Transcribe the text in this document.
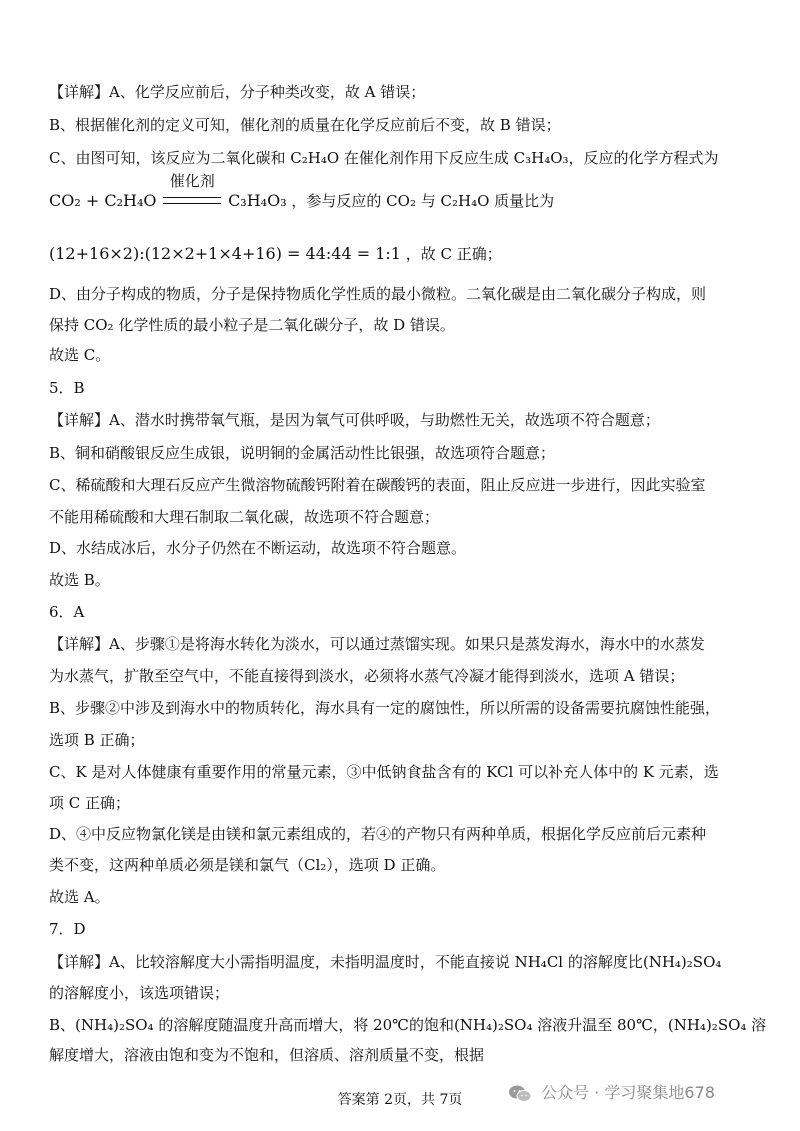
【详解】A、化学反应前后，分子种类改变，故 A 错误；
B、根据催化剂的定义可知，催化剂的质量在化学反应前后不变，故 B 错误；
C、由图可知，该反应为二氧化碳和 C₂H₄O 在催化剂作用下反应生成 C₃H₄O₃，反应的化学方程式为
CO₂ + C₂H₄O
催化剂
C₃H₄O₃ ，参与反应的 CO₂ 与 C₂H₄O 质量比为
(12+16×2):(12×2+1×4+16) = 44:44 = 1:1 ，故 C 正确；
D、由分子构成的物质，分子是保持物质化学性质的最小微粒。二氧化碳是由二氧化碳分子构成，则
保持 CO₂ 化学性质的最小粒子是二氧化碳分子，故 D 错误。
故选 C。
5．B
【详解】A、潜水时携带氧气瓶，是因为氧气可供呼吸，与助燃性无关，故选项不符合题意；
B、铜和硝酸银反应生成银，说明铜的金属活动性比银强，故选项符合题意；
C、稀硫酸和大理石反应产生微溶物硫酸钙附着在碳酸钙的表面，阻止反应进一步进行，因此实验室
不能用稀硫酸和大理石制取二氧化碳，故选项不符合题意；
D、水结成冰后，水分子仍然在不断运动，故选项不符合题意。
故选 B。
6．A
【详解】A、步骤①是将海水转化为淡水，可以通过蒸馏实现。如果只是蒸发海水，海水中的水蒸发
为水蒸气，扩散至空气中，不能直接得到淡水，必须将水蒸气冷凝才能得到淡水，选项 A 错误；
B、步骤②中涉及到海水中的物质转化，海水具有一定的腐蚀性，所以所需的设备需要抗腐蚀性能强，
选项 B 正确；
C、K 是对人体健康有重要作用的常量元素，③中低钠食盐含有的 KCl 可以补充人体中的 K 元素，选
项 C 正确；
D、④中反应物氯化镁是由镁和氯元素组成的，若④的产物只有两种单质，根据化学反应前后元素种
类不变，这两种单质必须是镁和氯气（Cl₂），选项 D 正确。
故选 A。
7．D
【详解】A、比较溶解度大小需指明温度，未指明温度时，不能直接说 NH₄Cl 的溶解度比(NH₄)₂SO₄
的溶解度小，该选项错误；
B、(NH₄)₂SO₄ 的溶解度随温度升高而增大，将 20℃的饱和(NH₄)₂SO₄ 溶液升温至 80℃，(NH₄)₂SO₄ 溶
解度增大，溶液由饱和变为不饱和，但溶质、溶剂质量不变，根据
答案第 2页，共 7页	公众号 · 学习聚集地678
